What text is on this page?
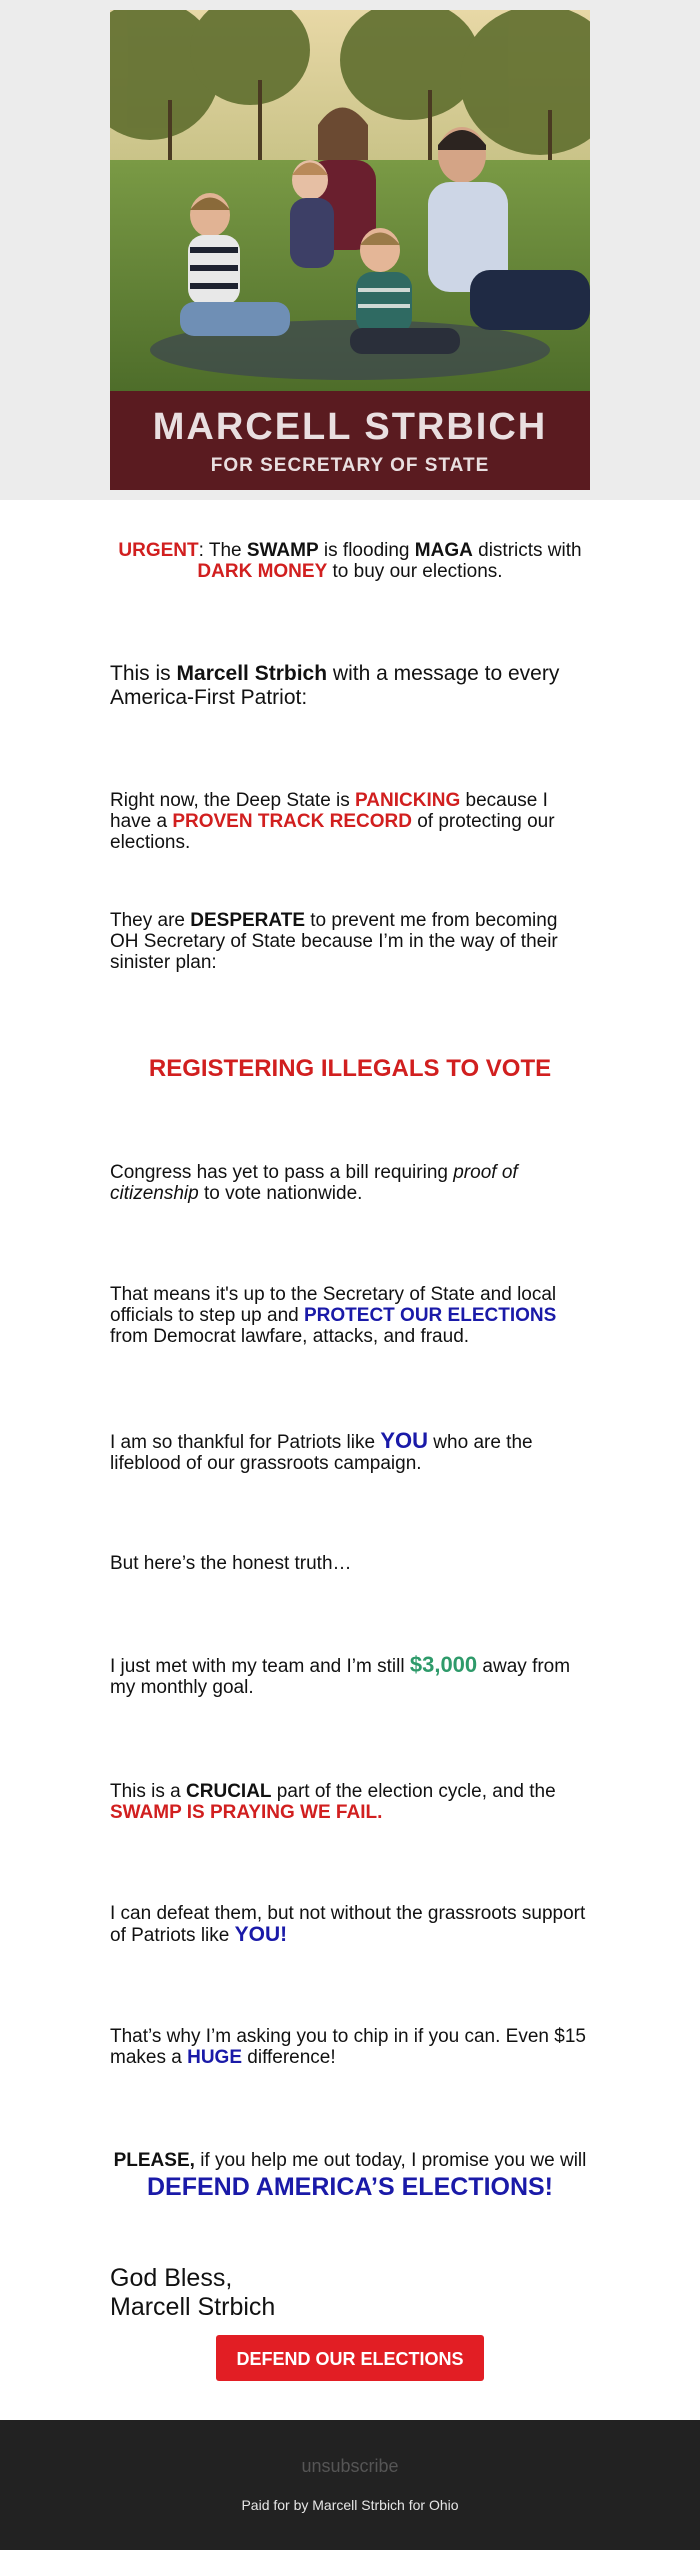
MARCELL STRBICH
FOR SECRETARY OF STATE
URGENT: The SWAMP is flooding MAGA districts with DARK MONEY to buy our elections.
This is Marcell Strbich with a message to every America-First Patriot:
Right now, the Deep State is PANICKING because I have a PROVEN TRACK RECORD of protecting our elections.
They are DESPERATE to prevent me from becoming OH Secretary of State because I’m in the way of their sinister plan:
REGISTERING ILLEGALS TO VOTE
Congress has yet to pass a bill requiring proof of citizenship to vote nationwide.
That means it's up to the Secretary of State and local officials to step up and PROTECT OUR ELECTIONS from Democrat lawfare, attacks, and fraud.
I am so thankful for Patriots like YOU who are the lifeblood of our grassroots campaign.
But here’s the honest truth…
I just met with my team and I’m still $3,000 away from my monthly goal.
This is a CRUCIAL part of the election cycle, and the SWAMP IS PRAYING WE FAIL.
I can defeat them, but not without the grassroots support of Patriots like YOU!
That’s why I’m asking you to chip in if you can. Even $15 makes a HUGE difference!
PLEASE, if you help me out today, I promise you we will
DEFEND AMERICA’S ELECTIONS!
God Bless,
Marcell Strbich
DEFEND OUR ELECTIONS
unsubscribe
Paid for by Marcell Strbich for Ohio
